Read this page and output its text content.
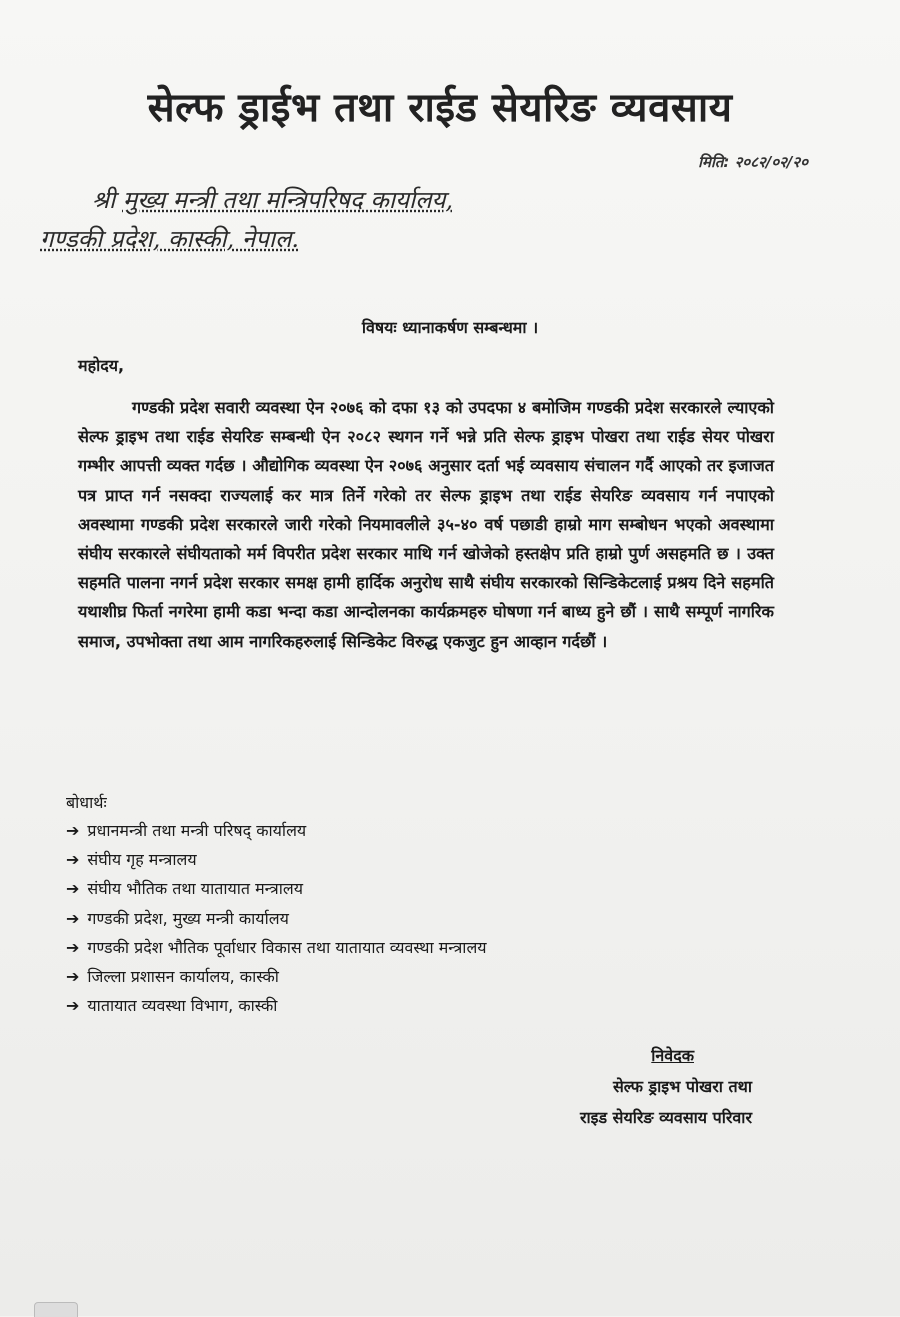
सेल्फ ड्राईभ तथा राईड सेयरिङ व्यवसाय
मिति: २०८२/०२/२०
श्री मुख्य मन्त्री तथा मन्त्रिपरिषद कार्यालय,
गण्डकी प्रदेश, कास्की, नेपाल.
विषयः ध्यानाकर्षण सम्बन्धमा ।
महोदय,
गण्डकी प्रदेश सवारी व्यवस्था ऐन २०७६ को दफा १३ को उपदफा ४ बमोजिम गण्डकी प्रदेश सरकारले ल्याएको सेल्फ ड्राइभ तथा राईड सेयरिङ सम्बन्धी ऐन २०८२ स्थगन गर्ने भन्ने प्रति सेल्फ ड्राइभ पोखरा तथा राईड सेयर पोखरा गम्भीर आपत्ती व्यक्त गर्दछ । औद्योगिक व्यवस्था ऐन २०७६ अनुसार दर्ता भई व्यवसाय संचालन गर्दै आएको तर इजाजत पत्र प्राप्त गर्न नसक्दा राज्यलाई कर मात्र तिर्ने गरेको तर सेल्फ ड्राइभ तथा राईड सेयरिङ व्यवसाय गर्न नपाएको अवस्थामा गण्डकी प्रदेश सरकारले जारी गरेको नियमावलीले ३५-४० वर्ष पछाडी हाम्रो माग सम्बोधन भएको अवस्थामा संघीय सरकारले संघीयताको मर्म विपरीत प्रदेश सरकार माथि गर्न खोजेको हस्तक्षेप प्रति हाम्रो पुर्ण असहमति छ । उक्त सहमति पालना नगर्न प्रदेश सरकार समक्ष हामी हार्दिक अनुरोध साथै संघीय सरकारको सिन्डिकेटलाई प्रश्रय दिने सहमति यथाशीघ्र फिर्ता नगरेमा हामी कडा भन्दा कडा आन्दोलनका कार्यक्रमहरु घोषणा गर्न बाध्य हुने छौं । साथै सम्पूर्ण नागरिक समाज, उपभोक्ता तथा आम नागरिकहरुलाई सिन्डिकेट विरुद्ध एकजुट हुन आव्हान गर्दछौं ।
बोधार्थः
➔ प्रधानमन्त्री तथा मन्त्री परिषद् कार्यालय
➔ संघीय गृह मन्त्रालय
➔ संघीय भौतिक तथा यातायात मन्त्रालय
➔ गण्डकी प्रदेश, मुख्य मन्त्री कार्यालय
➔ गण्डकी प्रदेश भौतिक पूर्वाधार विकास तथा यातायात व्यवस्था मन्त्रालय
➔ जिल्ला प्रशासन कार्यालय, कास्की
➔ यातायात व्यवस्था विभाग, कास्की
निवेदक
सेल्फ ड्राइभ पोखरा तथा
राइड सेयरिङ व्यवसाय परिवार
